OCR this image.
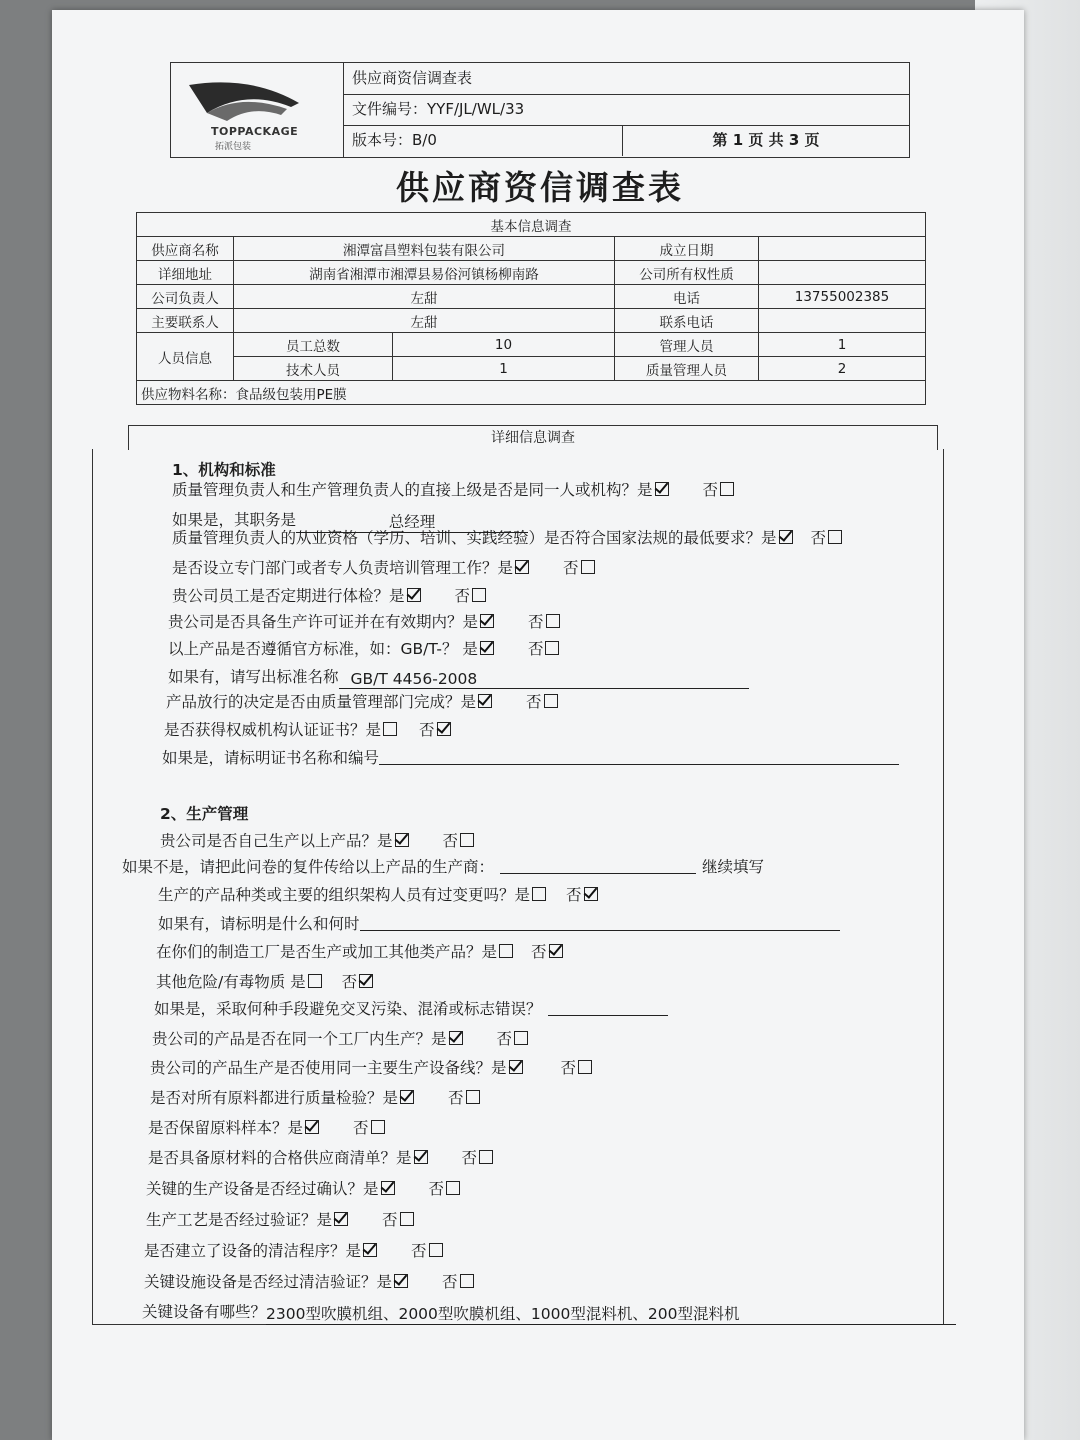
TOPPACKAGE
拓派包装
供应商资信调查表
文件编号：YYF/JL/WL/33
版本号：B/0	第 1 页 共 3 页
供应商资信调查表
基本信息调查				
供应商名称	湘潭富昌塑料包装有限公司		成立日期	
详细地址	湖南省湘潭市湘潭县易俗河镇杨柳南路		公司所有权性质	
公司负责人	左甜		电话	13755002385
主要联系人	左甜		联系电话	
人员信息	员工总数	10	管理人员	1
	技术人员	1	质量管理人员	2
供应物料名称：食品级包装用PE膜				
详细信息调查
1、机构和标准
质量管理负责人和生产管理负责人的直接上级是否是同一人或机构？是	否
如果是，其职务是	总经理
质量管理负责人的从业资格（学历、培训、实践经验）是否符合国家法规的最低要求？是 否
是否设立专门部门或者专人负责培训管理工作？是	否
贵公司员工是否定期进行体检？是	否
贵公司是否具备生产许可证并在有效期内？是	否
以上产品是否遵循官方标准，如：GB/T-？ 是	否
如果有，请写出标准名称 GB/T 4456-2008
产品放行的决定是否由质量管理部门完成？是	否
是否获得权威机构认证证书？是 否
如果是，请标明证书名称和编号
2、生产管理
贵公司是否自己生产以上产品？是	否
如果不是，请把此问卷的复件传给以上产品的生产商：	继续填写
生产的产品种类或主要的组织架构人员有过变更吗？是 否
如果有，请标明是什么和何时
在你们的制造工厂是否生产或加工其他类产品？是 否
其他危险/有毒物质 是 否
如果是，采取何种手段避免交叉污染、混淆或标志错误？
贵公司的产品是否在同一个工厂内生产？是	否
贵公司的产品生产是否使用同一主要生产设备线？是	否
是否对所有原料都进行质量检验？是	否
是否保留原料样本？是	否
是否具备原材料的合格供应商清单？是	否
关键的生产设备是否经过确认？是	否
生产工艺是否经过验证？是	否
是否建立了设备的清洁程序？是	否
关键设施设备是否经过清洁验证？是	否
关键设备有哪些？2300型吹膜机组、2000型吹膜机组、1000型混料机、200型混料机
